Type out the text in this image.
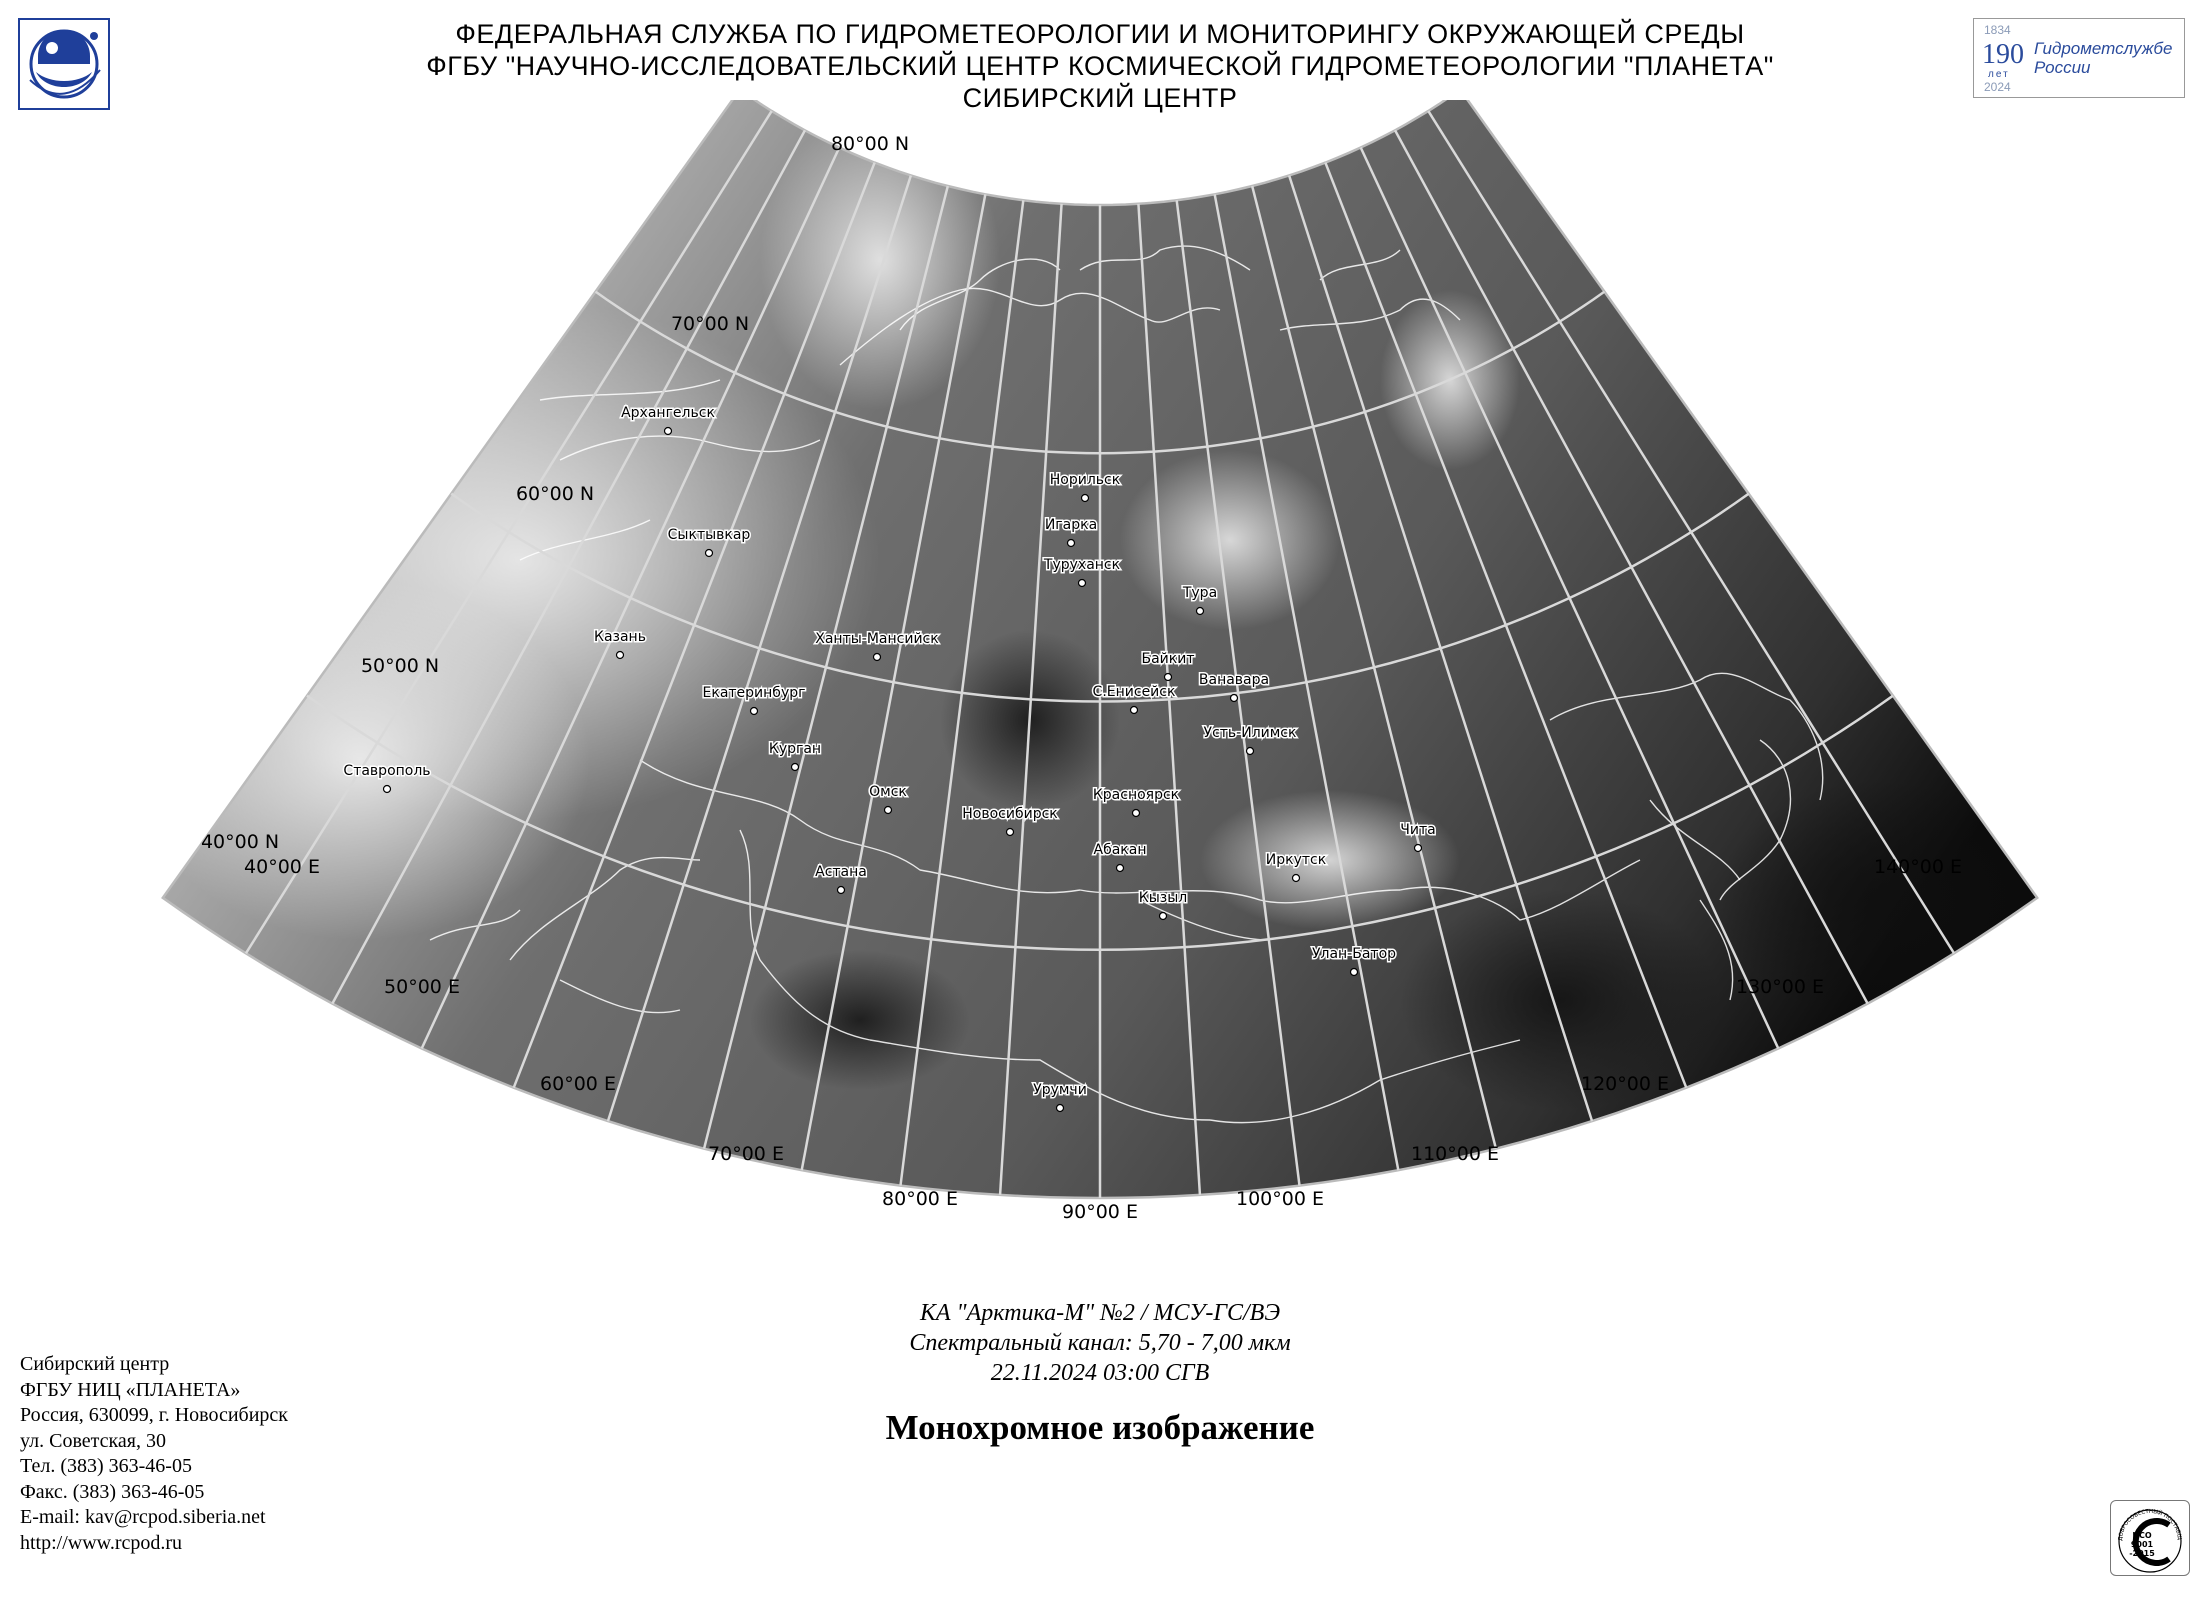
ФЕДЕРАЛЬНАЯ СЛУЖБА ПО ГИДРОМЕТЕОРОЛОГИИ И МОНИТОРИНГУ ОКРУЖАЮЩЕЙ СРЕДЫ
ФГБУ "НАУЧНО-ИССЛЕДОВАТЕЛЬСКИЙ ЦЕНТР КОСМИЧЕСКОЙ ГИДРОМЕТЕОРОЛОГИИ "ПЛАНЕТА"
СИБИРСКИЙ ЦЕНТР
1834
190
лет
Гидрометслужбе
России
2024
Норильск
Игарка
Туруханск
Тура
Архангельск
Сыктывкар
Казань	Ханты-Мансийск
Байкит
Ванавара
С.Енисейск
Екатеринбург
Усть-Илимск
Курган
Ставрополь
Омск
Новосибирск
Красноярск
Чита
Абакан
Иркутск
Астана
Кызыл
Улан-Батор
Урумчи
80°00 N
70°00 N
60°00 N
50°00 N
40°00 N
40°00 E
50°00 E
60°00 E
70°00 E
80°00 E
90°00 E
100°00 E
110°00 E
120°00 E
130°00 E
140°00 E
КА "Арктика-М" №2 / МСУ-ГС/ВЭ
Спектральный канал: 5,70 - 7,00 мкм
22.11.2024 03:00 СГВ
Монохромное изображение
Сибирский центр
ФГБУ НИЦ «ПЛАНЕТА»
Россия, 630099, г. Новосибирск
ул. Советская, 30
Тел. (383) 363-46-05
Факс. (383) 363-46-05
E-mail: kav@rcpod.siberia.net
http://www.rcpod.ru	ДОБРОСОВЕСТНЫЙ ПОСТАВЩ
ИСО
9001
-2015
